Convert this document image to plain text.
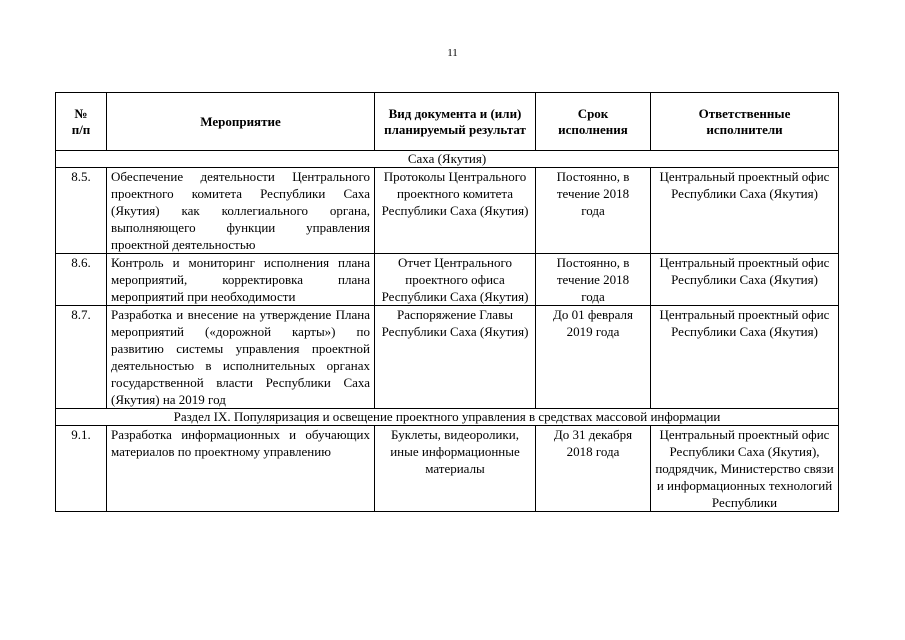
11
№
п/п	Мероприятие	Вид документа и (или) планируемый результат	Срок исполнения	Ответственные исполнители
Саха (Якутия)				
8.5.	Обеспечение деятельности Центрального проектного комитета Республики Саха (Якутия) как коллегиального органа, выполняющего функции управления проектной деятельностью	Протоколы Центрального проектного комитета Республики Саха (Якутия)	Постоянно, в течение 2018 года	Центральный проектный офис Республики Саха (Якутия)
8.6.	Контроль и мониторинг исполнения плана мероприятий, корректировка плана мероприятий при необходимости	Отчет Центрального проектного офиса Республики Саха (Якутия)	Постоянно, в течение 2018 года	Центральный проектный офис Республики Саха (Якутия)
8.7.	Разработка и внесение на утверждение Плана мероприятий («дорожной карты») по развитию системы управления проектной деятельностью в исполнительных органах государственной власти Республики Саха (Якутия) на 2019 год	Распоряжение Главы Республики Саха (Якутия)	До 01 февраля 2019 года	Центральный проектный офис Республики Саха (Якутия)
Раздел IX. Популяризация и освещение проектного управления в средствах массовой информации				
9.1.	Разработка информационных и обучающих материалов по проектному управлению	Буклеты, видеоролики, иные информационные материалы	До 31 декабря 2018 года	Центральный проектный офис Республики Саха (Якутия), подрядчик, Министерство связи и информационных технологий Республики
